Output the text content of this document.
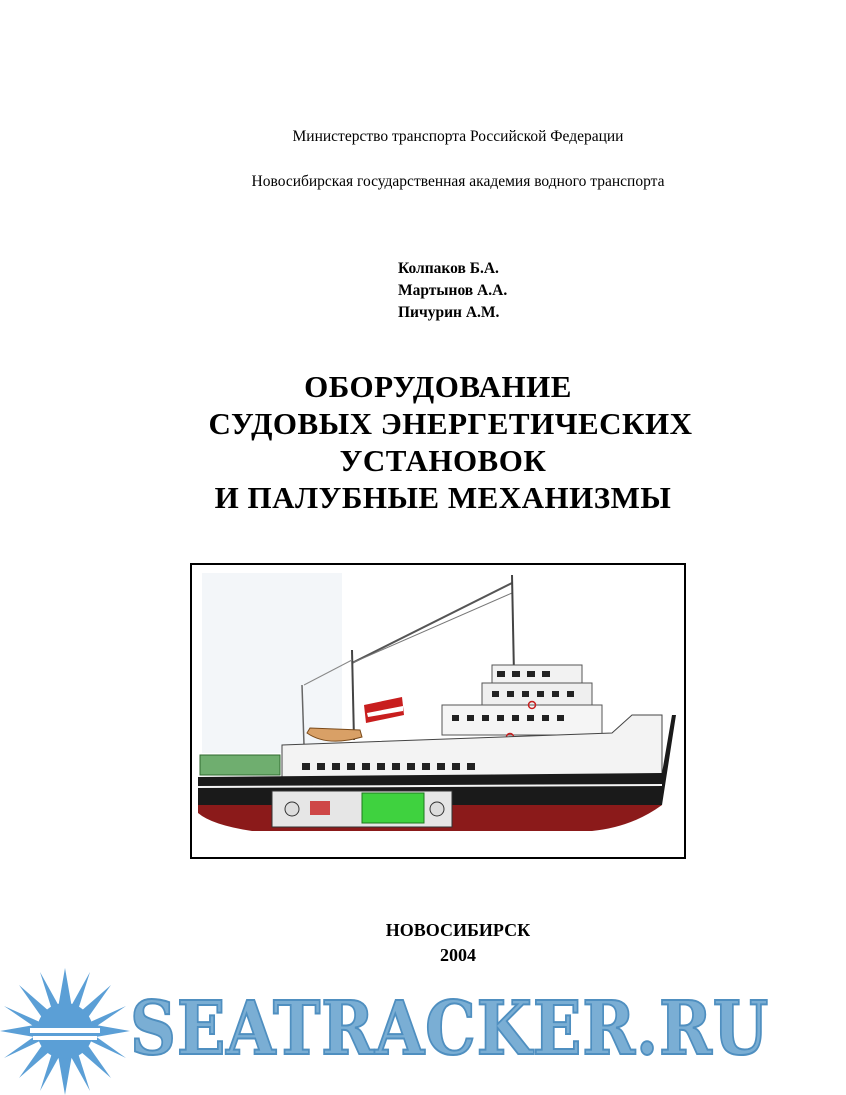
Министерство транспорта Российской Федерации
Новосибирская государственная академия водного транспорта
Колпаков Б.А.
Мартынов А.А.
Пичурин А.М.
ОБОРУДОВАНИЕ
СУДОВЫХ ЭНЕРГЕТИЧЕСКИХ
УСТАНОВОК
И ПАЛУБНЫЕ МЕХАНИЗМЫ
НОВОСИБИРСК
2004
SEATRACKER.RU
